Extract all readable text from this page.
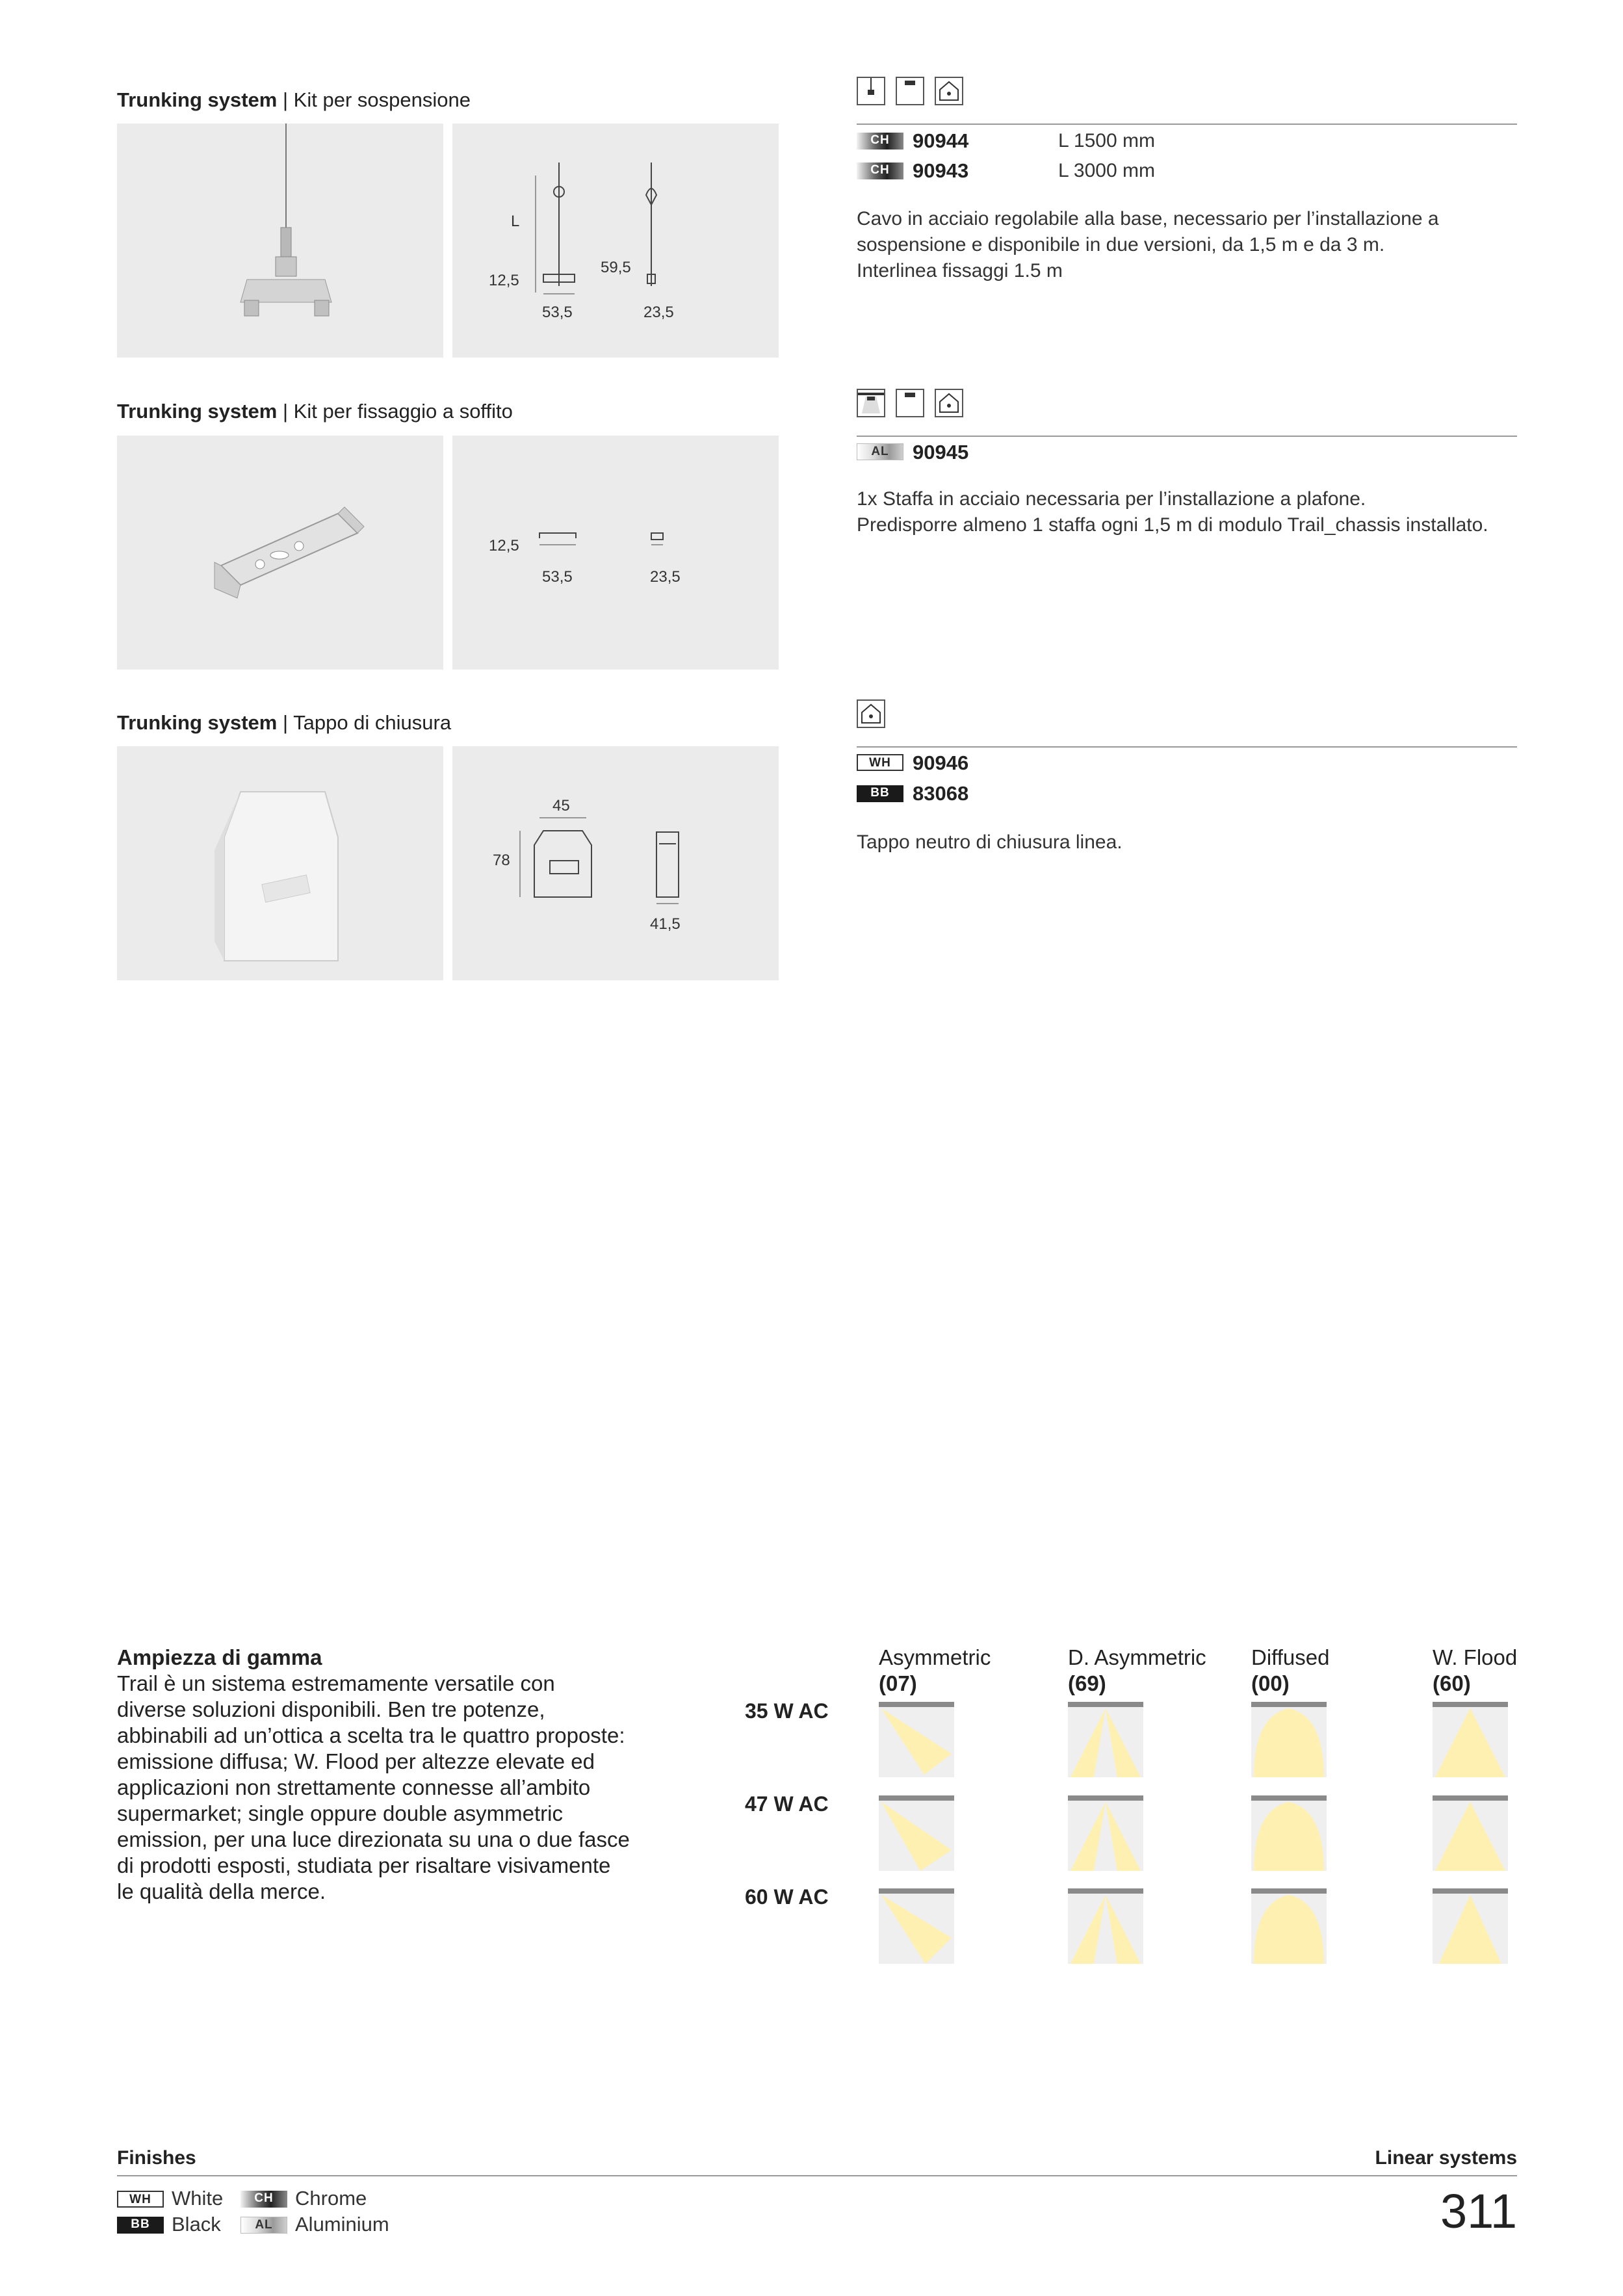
Trunking system | Kit per sospensione
L
12,5
53,5
59,5
23,5
CH	90944	L 1500 mm
CH	90943	L 3000 mm
Cavo in acciaio regolabile alla base, necessario per l’installazione a
sospensione e disponibile in due versioni, da 1,5 m e da 3 m.
Interlinea fissaggi 1.5 m
Trunking system | Kit per fissaggio a soffito
12,5
53,5	23,5
AL	90945
1x Staffa in acciaio necessaria per l’installazione a plafone.
Predisporre almeno 1 staffa ogni 1,5 m di modulo Trail_chassis installato.
Trunking system | Tappo di chiusura
45
78
41,5
WH	90946
BB	83068
Tappo neutro di chiusura linea.
Ampiezza di gamma
Trail è un sistema estremamente versatile con
diverse soluzioni disponibili. Ben tre potenze,
abbinabili ad un’ottica a scelta tra le quattro proposte:
emissione diffusa; W. Flood per altezze elevate ed
applicazioni non strettamente connesse all’ambito
supermarket; single oppure double asymmetric
emission, per una luce direzionata su una o due fasce
di prodotti esposti, studiata per risaltare visivamente
le qualità della merce.
Asymmetric
(07)
D. Asymmetric
(69)
Diffused
(00)
W. Flood
(60)
35 W AC
47 W AC
60 W AC
Finishes	Linear systems
WH	White
BB	Black
CH	Chrome
AL	Aluminium	311
